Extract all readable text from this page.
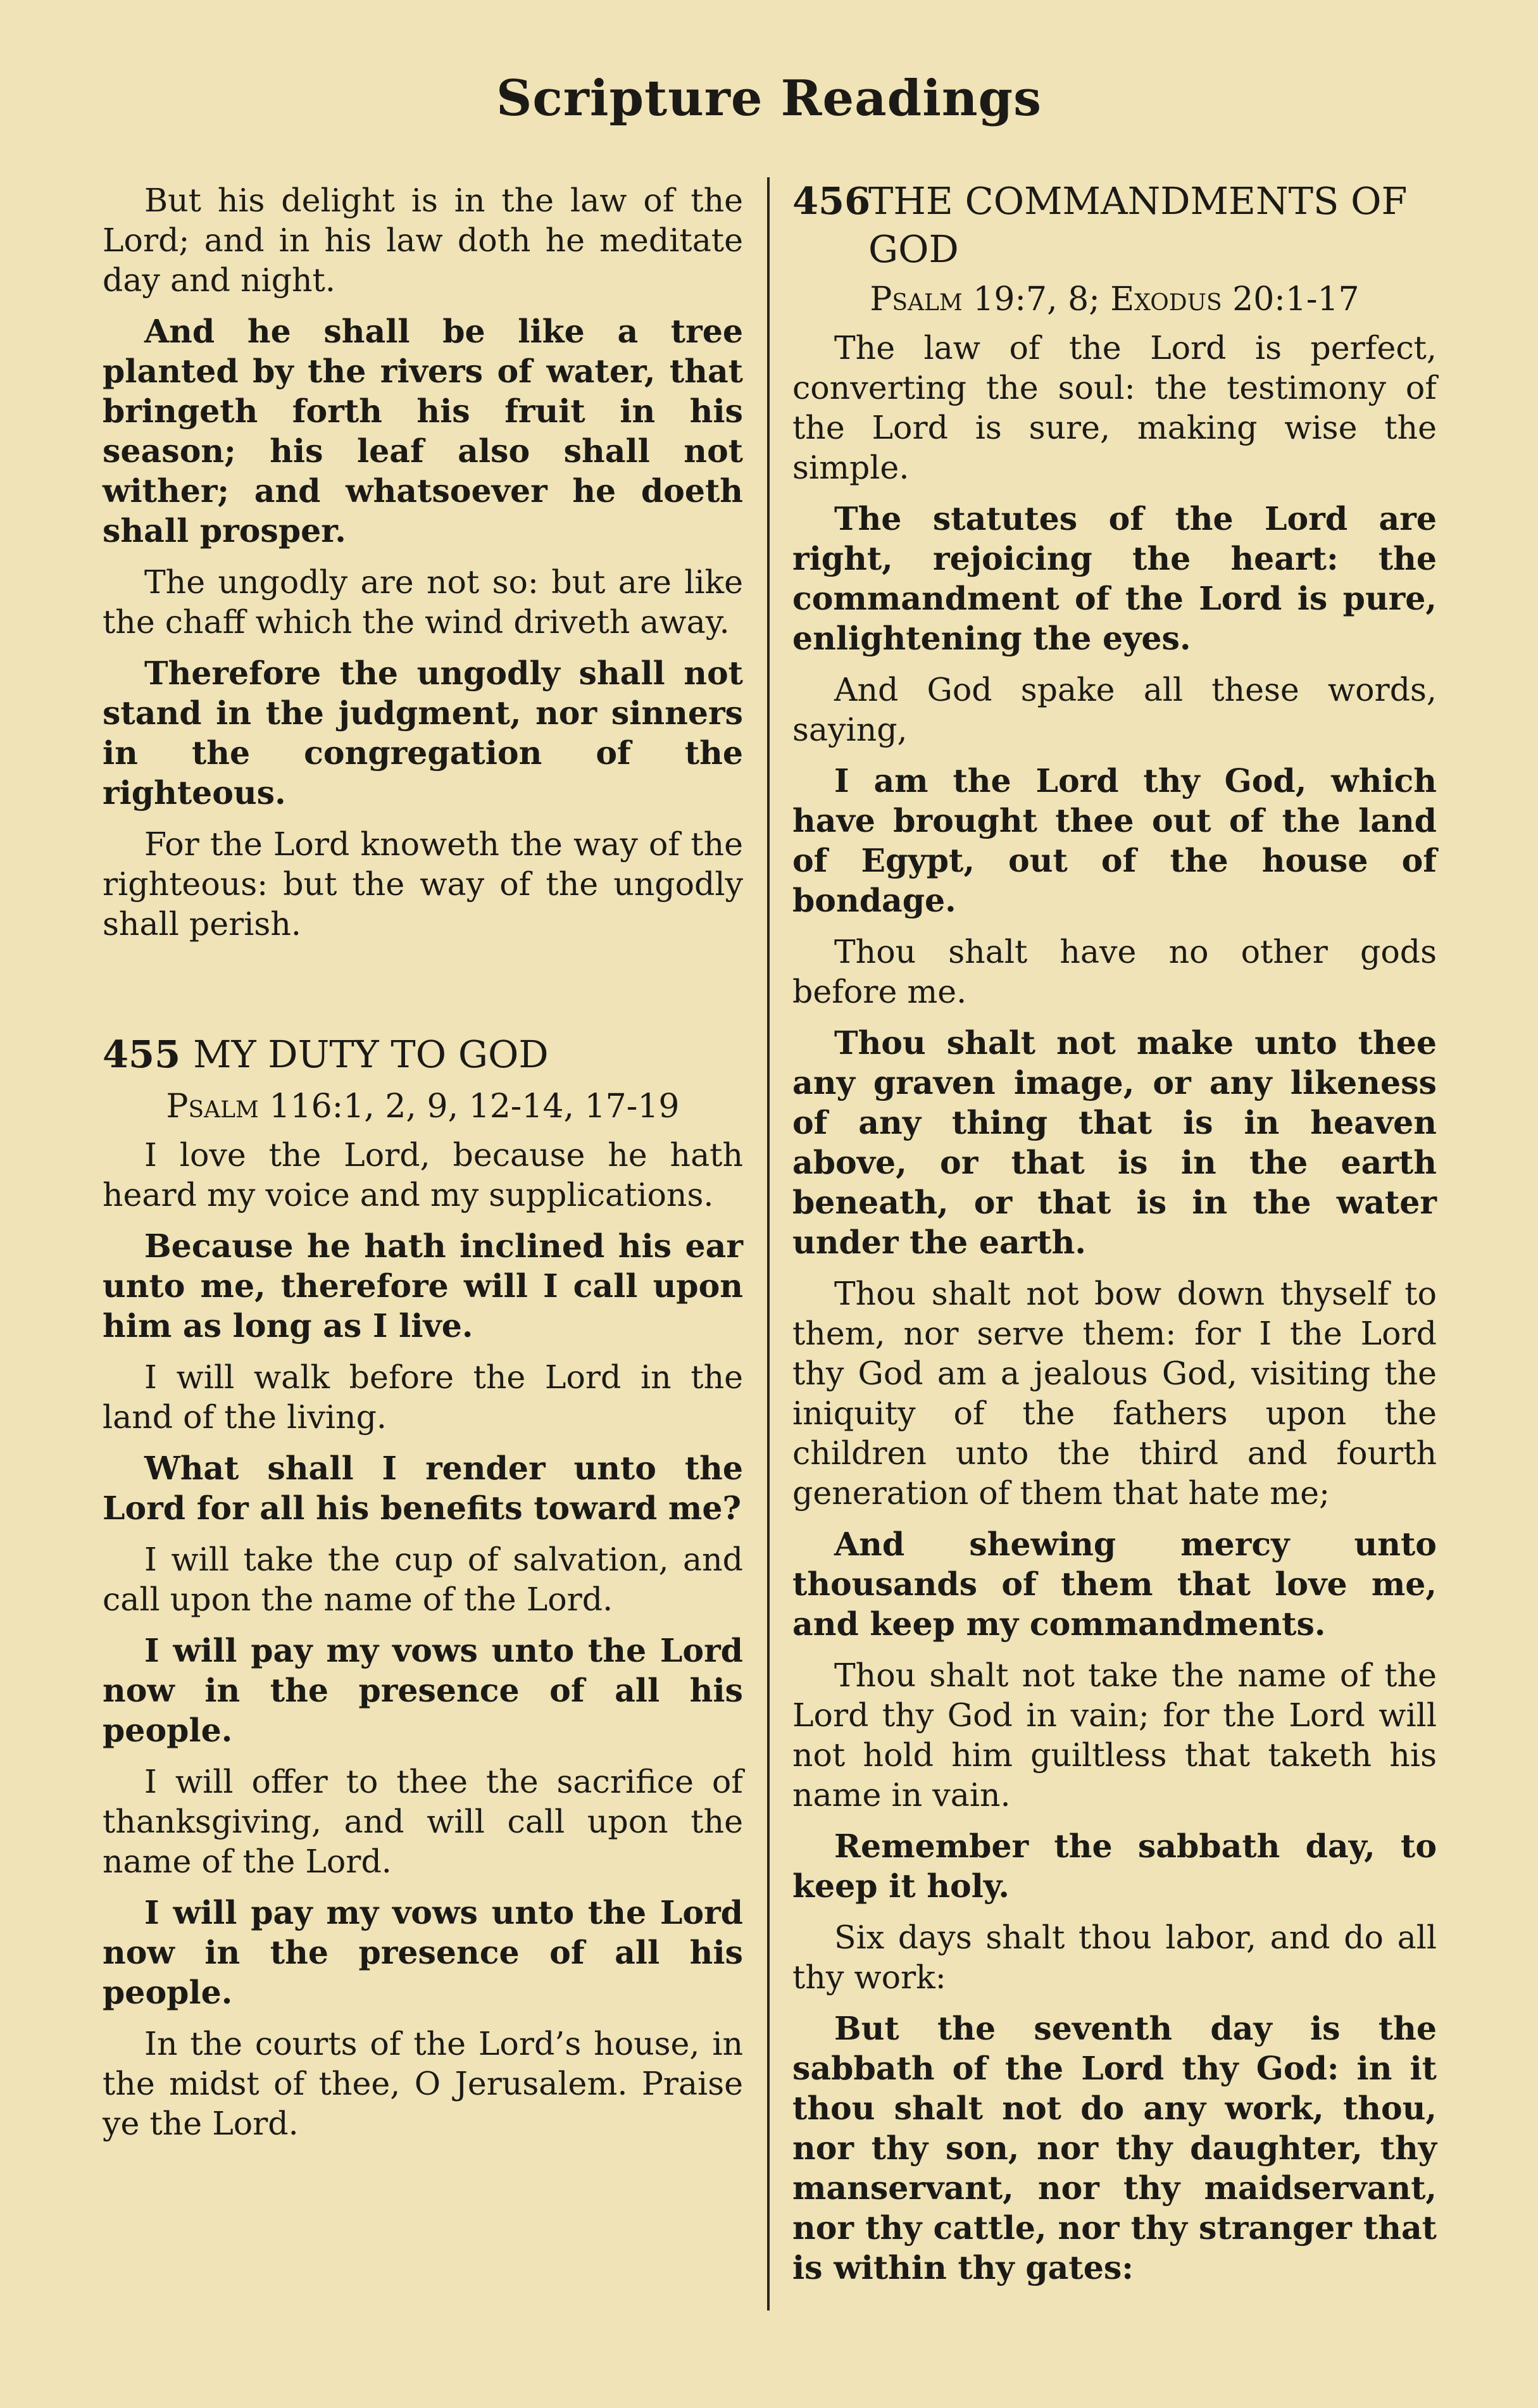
Scripture Readings

But his delight is in the law of the Lord; and in his law doth he meditate day and night.

And he shall be like a tree planted by the rivers of water, that bringeth forth his fruit in his season; his leaf also shall not wither; and whatsoever he doeth shall prosper.

The ungodly are not so: but are like the chaff which the wind driveth away.

Therefore the ungodly shall not stand in the judgment, nor sinners in the congregation of the righteous.

For the Lord knoweth the way of the righteous: but the way of the ungodly shall perish.

455 MY DUTY TO GOD
Psalm 116:1, 2, 9, 12-14, 17-19

I love the Lord, because he hath heard my voice and my supplications.

Because he hath inclined his ear unto me, therefore will I call upon him as long as I live.

I will walk before the Lord in the land of the living.

What shall I render unto the Lord for all his benefits toward me?

I will take the cup of salvation, and call upon the name of the Lord.

I will pay my vows unto the Lord now in the presence of all his people.

I will offer to thee the sacrifice of thanksgiving, and will call upon the name of the Lord.

I will pay my vows unto the Lord now in the presence of all his people.

In the courts of the Lord’s house, in the midst of thee, O Jerusalem. Praise ye the Lord.

456
THE COMMANDMENTS OF GOD
Psalm 19:7, 8; Exodus 20:1-17

The law of the Lord is perfect, converting the soul: the testimony of the Lord is sure, making wise the simple.

The statutes of the Lord are right, rejoicing the heart: the commandment of the Lord is pure, enlightening the eyes.

And God spake all these words, saying,

I am the Lord thy God, which have brought thee out of the land of Egypt, out of the house of bondage.

Thou shalt have no other gods before me.

Thou shalt not make unto thee any graven image, or any likeness of any thing that is in heaven above, or that is in the earth beneath, or that is in the water under the earth.

Thou shalt not bow down thyself to them, nor serve them: for I the Lord thy God am a jealous God, visiting the iniquity of the fathers upon the children unto the third and fourth generation of them that hate me;

And shewing mercy unto thousands of them that love me, and keep my commandments.

Thou shalt not take the name of the Lord thy God in vain; for the Lord will not hold him guiltless that taketh his name in vain.

Remember the sabbath day, to keep it holy.

Six days shalt thou labor, and do all thy work:

But the seventh day is the sabbath of the Lord thy God: in it thou shalt not do any work, thou, nor thy son, nor thy daughter, thy manservant, nor thy maidservant, nor thy cattle, nor thy stranger that is within thy gates:
